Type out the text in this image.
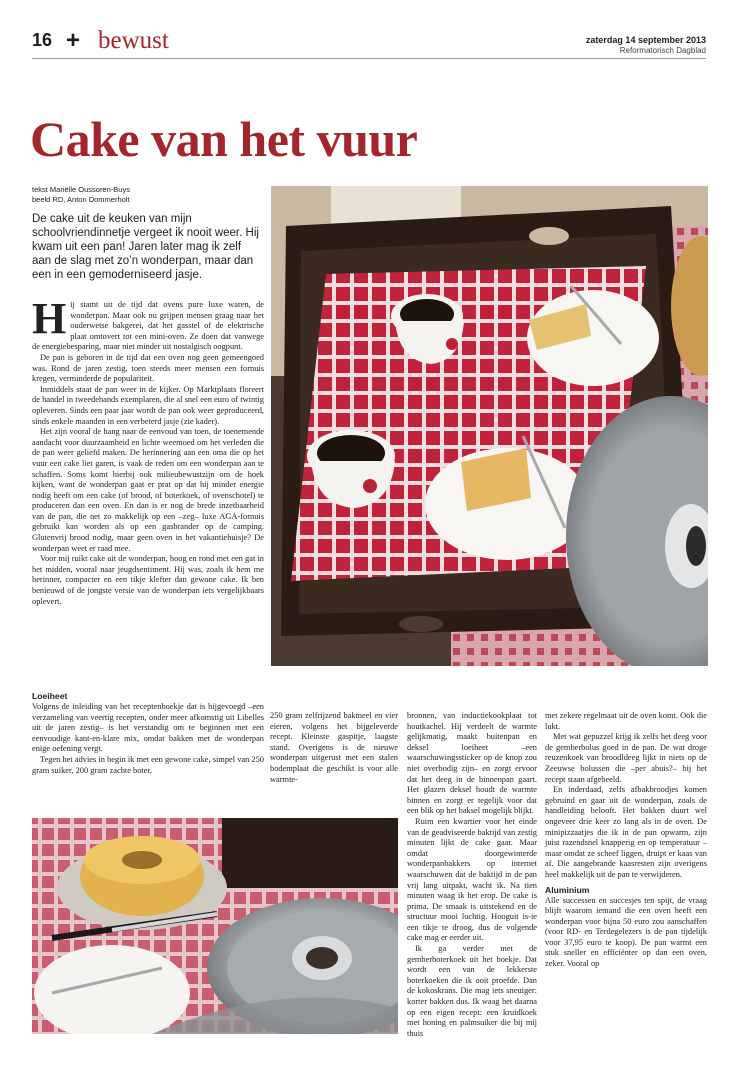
16 + bewust	zaterdag 14 september 2013
Reformatorisch Dagblad
Cake van het vuur
tekst Mariëlle Oussoren-Buys
beeld RD, Anton Dommerholt
De cake uit de keuken van mijn schoolvriendinnetje vergeet ik nooit weer. Hij kwam uit een pan! Jaren later mag ik zelf aan de slag met zo’n wonderpan, maar dan een in een gemoderniseerd jasje.

Hij stamt uit de tijd dat ovens pure luxe waren, de wonderpan. Maar ook nu grijpen mensen graag naar het ouderwetse bakgerei, dat het gasstel of de elektrische plaat omtovert tot een mini-oven. Ze doen dat vanwege de energiebesparing, maar niet minder uit nostalgisch oogpunt.

De pan is geboren in de tijd dat een oven nog geen gemeengoed was. Rond de jaren zestig, toen steeds meer mensen een fornuis kregen, verminderde de populariteit.

Inmiddels staat de pan weer in de kijker. Op Marktplaats floreert de handel in tweedehands exemplaren, die al snel een euro of twintig opleveren. Sinds een paar jaar wordt de pan ook weer geproduceerd, sinds enkele maanden in een verbeterd jasje (zie kader).

Het zijn vooral de hang naar de eenvoud van toen, de toenemende aandacht voor duurzaamheid en lichte weemoed om het verleden die de pan weer geliefd maken. De herinnering aan een oma die op het vuur een cake liet garen, is vaak de reden om een wonderpan aan te schaffen. Soms komt hierbij ook milieubewustzijn om de hoek kijken, want de wonderpan gaat er prat op dat hij minder energie nodig heeft om een cake (of brood, of boterkoek, of ovenschotel) te produceren dan een oven. En dan is er nog de brede inzetbaarheid van de pan, die net zo makkelijk op een –zeg– luxe AGA-fornuis gebruikt kan worden als op een gasbrander op de camping. Glutenvrij brood nodig, maar geen oven in het vakantiehuisje? De wonderpan weet er raad mee.

Voor mij ruikt cake uit de wonderpan, hoog en rond met een gat in het midden, vooral naar jeugdsentiment. Hij was, zoals ik hem me herinner, compacter en een tikje klefter dan gewone cake. Ik ben benieuwd of de jongste versie van de wonderpan iets vergelijkbaars oplevert.

Loeiheet

Volgens de inleiding van het receptenboekje dat is bijgevoegd –een verzameling van veertig recepten, onder meer afkomstig uit Libelles uit de jaren zestig– is het verstandig om te beginnen met een eenvoudige kant-en-klare mix, omdat bakken met de wonderpan enige oefening vergt.

Tegen het advies in begin ik met een gewone cake, simpel van 250 gram suiker, 200 gram zachte boter,

250 gram zelfrijzend bakmeel en vier eieren, volgens het bijgeleverde recept. Kleinste gaspitje, laagste stand. Overigens is de nieuwe wonderpan uitgerust met een stalen bodemplaat die geschikt is voor alle warmte-

bronnen, van inductiekookplaat tot houtkachel. Hij verdeelt de warmte gelijkmatig, maakt buitenpan en deksel loeiheet –een waarschuwingssticker op de knop zou niet overbodig zijn– en zorgt ervoor dat het deeg in de binnenpan gaart. Het glazen deksel houdt de warmte binnen en zorgt er tegelijk voor dat een blik op het baksel mogelijk blijkt.

Ruim een kwartier voor het einde van de geadviseerde baktijd van zestig minuten lijkt de cake gaar. Maar omdat doorgewinterde wonderpanbakkers op internet waarschuwen dat de baktijd in de pan vrij lang uitpakt, wacht ik. Na tien minuten waag ik het erop. De cake is prima. De smaak is uitstekend en de structuur mooi luchtig. Hooguit is-ie een tikje te droog, dus de volgende cake mag er eerder uit.

Ik ga verder met de gemberboterkoek uit het boekje. Dat wordt een van de lekkerste boterkoeken die ik ooit proefde. Dan de kokoskrans. Die mag iets sneuiger: korter bakken dus. Ik waag het daarna op een eigen recept: een kruidkoek met honing en palmsuiker die bij mij thuis

met zekere regelmaat uit de oven komt. Ook die lukt.

Met wat gepuzzel krijg ik zelfs het deeg voor de gemberbolus goed in de pan. De wat droge reuzenkoek van broodldeeg lijkt in niets op de Zeeuwse bolussen die –per abuis?– bij het recept staan afgebeeld.

En inderdaad, zelfs afbakbroodjes komen gebruind en gaar uit de wonderpan, zoals de handleiding belooft. Het bakken duurt wel ongeveer drie keer zo lang als in de oven. De minipizzaatjes die ik in de pan opwarm, zijn juist razendsnel knapperig en op temperatuur – maar omdat ze scheef liggen, druipt er kaas van af. Die aangebrande kaasresten zijn overigens heel makkelijk uit de pan te verwijderen.

Aluminium

Alle successen en succesjes ten spijt, de vraag blijft waarom iemand die een oven heeft een wonderpan voor bijna 50 euro zou aanschaffen (voor RD- en Terdegelezers is de pan tijdelijk voor 37,95 euro te koop). De pan warmt een stuk sneller en efficiënter op dan een oven, zeker. Vooral op
